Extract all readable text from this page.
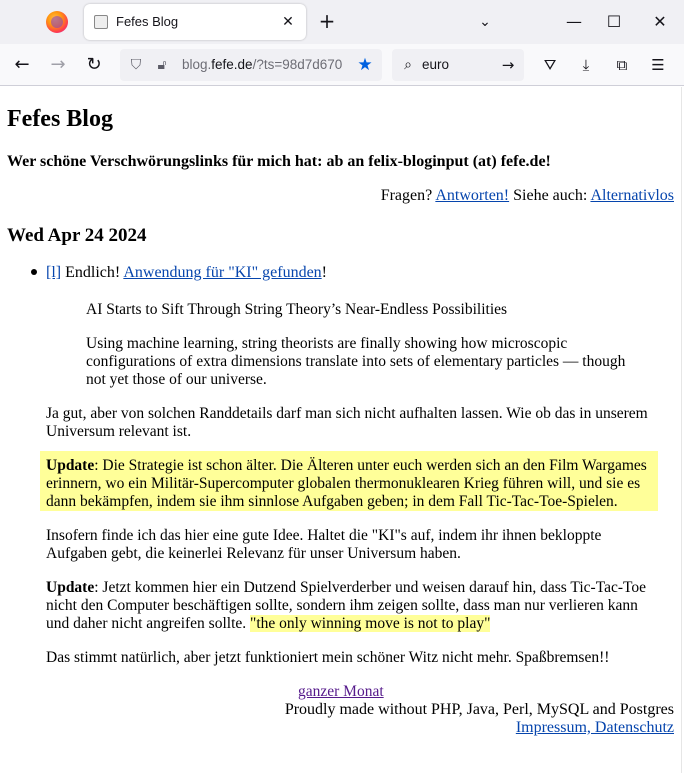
Fefes Blog	✕ +	⌄	—	☐	✕
←	→	↻	⛉	🔓︎	blog.fefe.de/?ts=98d7d670 ★	⌕ euro	→	⛛	⤓	⧉	☰
Fefes Blog
Wer schöne Verschwörungslinks für mich hat: ab an felix-bloginput (at) fefe.de!
Fragen? Antworten! Siehe auch: Alternativlos
Wed Apr 24 2024
[l] Endlich! Anwendung für "KI" gefunden!

AI Starts to Sift Through String Theory’s Near-Endless Possibilities

Using machine learning, string theorists are finally showing how microscopic configurations of extra dimensions translate into sets of elementary particles — though not yet those of our universe.

Ja gut, aber von solchen Randdetails darf man sich nicht aufhalten lassen. Wie ob das in unserem Universum relevant ist.

Update: Die Strategie ist schon älter. Die Älteren unter euch werden sich an den Film Wargames erinnern, wo ein Militär-Supercomputer globalen thermonuklearen Krieg führen will, und sie es dann bekämpfen, indem sie ihm sinnlose Aufgaben geben; in dem Fall Tic-Tac-Toe-Spielen.

Insofern finde ich das hier eine gute Idee. Haltet die "KI"s auf, indem ihr ihnen bekloppte Aufgaben gebt, die keinerlei Relevanz für unser Universum haben.

Update: Jetzt kommen hier ein Dutzend Spielverderber und weisen darauf hin, dass Tic-Tac-Toe nicht den Computer beschäftigen sollte, sondern ihm zeigen sollte, dass man nur verlieren kann und daher nicht angreifen sollte. "the only winning move is not to play"

Das stimmt natürlich, aber jetzt funktioniert mein schöner Witz nicht mehr. Spaßbremsen!!

ganzer Monat
Proudly made without PHP, Java, Perl, MySQL and Postgres
Impressum, Datenschutz
